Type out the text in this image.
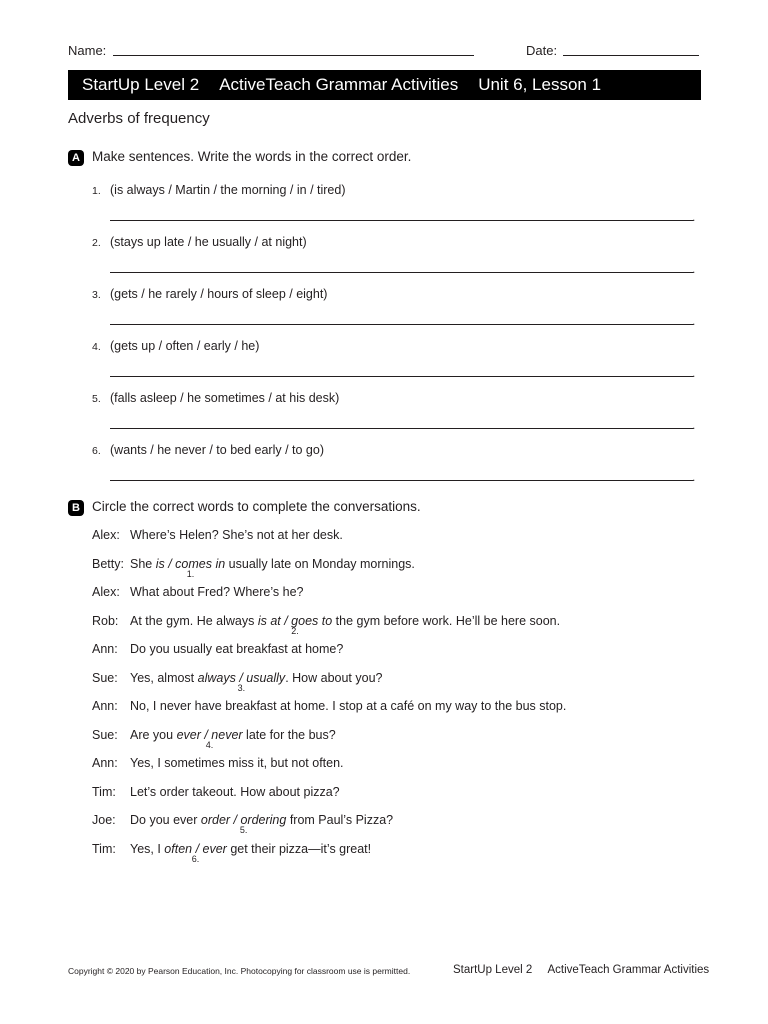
Name:	Date:
StartUp Level 2 ActiveTeach Grammar Activities Unit 6, Lesson 1
Adverbs of frequency
A Make sentences. Write the words in the correct order.
1. (is always / Martin / the morning / in / tired)
.
2. (stays up late / he usually / at night)
.
3. (gets / he rarely / hours of sleep / eight)
.
4. (gets up / often / early / he)
.
5. (falls asleep / he sometimes / at his desk)
.
6. (wants / he never / to bed early / to go)
.
B Circle the correct words to complete the conversations.
Alex: Where’s Helen? She’s not at her desk.
Betty: She is / comes in
1.
usually late on Monday mornings.
Alex: What about Fred? Where’s he?
Rob: At the gym. He always is at / goes to
2.
the gym before work. He’ll be here soon.
Ann: Do you usually eat breakfast at home?
Sue: Yes, almost always / usually
3.
. How about you?
Ann: No, I never have breakfast at home. I stop at a café on my way to the bus stop.
Sue: Are you ever / never
4.
late for the bus?
Ann: Yes, I sometimes miss it, but not often.
Tim:	Let’s order takeout. How about pizza?
Joe:	Do you ever order / ordering
5.
from Paul’s Pizza?
Tim:	Yes, I often / ever
6.
get their pizza—it’s great!
Copyright © 2020 by Pearson Education, Inc. Photocopying for classroom use is permitted.	StartUp Level 2 ActiveTeach Grammar Activities
